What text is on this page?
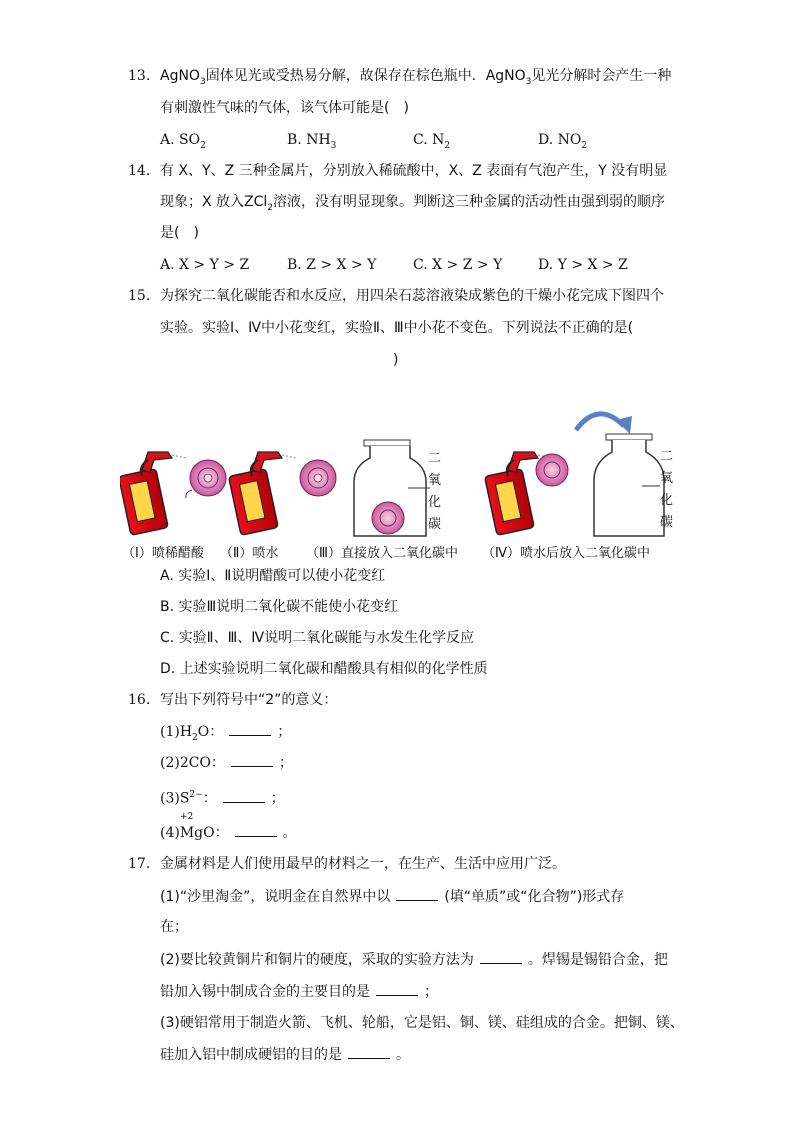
13. AgNO$_3$固体见光或受热易分解，故保存在棕色瓶中．AgNO$_3$见光分解时会产生一种
有刺激性气味的气体，该气体可能是(　)
A. $SO_2$	B. $NH_3$	C. $N_2$	D. $NO_2$
14. 有 X、Y、Z 三种金属片，分别放入稀硫酸中，X、Z 表面有气泡产生，Y 没有明显
现象；X 放入ZCl$_2$溶液，没有明显现象。判断这三种金属的活动性由强到弱的顺序
是(　)
A. X > Y > Z	B. Z > X > Y	C. X > Z > Y	D. Y > X > Z
15. 为探究二氧化碳能否和水反应，用四朵石蕊溶液染成紫色的干燥小花完成下图四个
实验。实验Ⅰ、Ⅳ中小花变红，实验Ⅱ、Ⅲ中小花不变色。下列说法不正确的是(
)
二
氧
化
碳
二
氧
化
碳
（Ⅰ）喷稀醋酸 （Ⅱ）喷水 （Ⅲ）直接放入二氧化碳中 （Ⅳ）喷水后放入二氧化碳中
A. 实验Ⅰ、Ⅱ说明醋酸可以使小花变红
B. 实验Ⅲ说明二氧化碳不能使小花变红
C. 实验Ⅱ、Ⅲ、Ⅳ说明二氧化碳能与水发生化学反应
D. 上述实验说明二氧化碳和醋酸具有相似的化学性质
16. 写出下列符号中“2”的意义：
$(1)H_2O$：	；
(2)2CO：	；
$(3)S^{2-}$：	；
+2
(4)MgO：	。
17. 金属材料是人们使用最早的材料之一，在生产、生活中应用广泛。
(1)“沙里淘金”，说明金在自然界中以	(填“单质”或“化合物”)形式存
在；
(2)要比较黄铜片和铜片的硬度，采取的实验方法为	。焊锡是锡铅合金，把
铅加入锡中制成合金的主要目的是	；
(3)硬铝常用于制造火箭、飞机、轮船，它是铝、铜、镁、硅组成的合金。把铜、镁、
硅加入铝中制成硬铝的目的是	。
